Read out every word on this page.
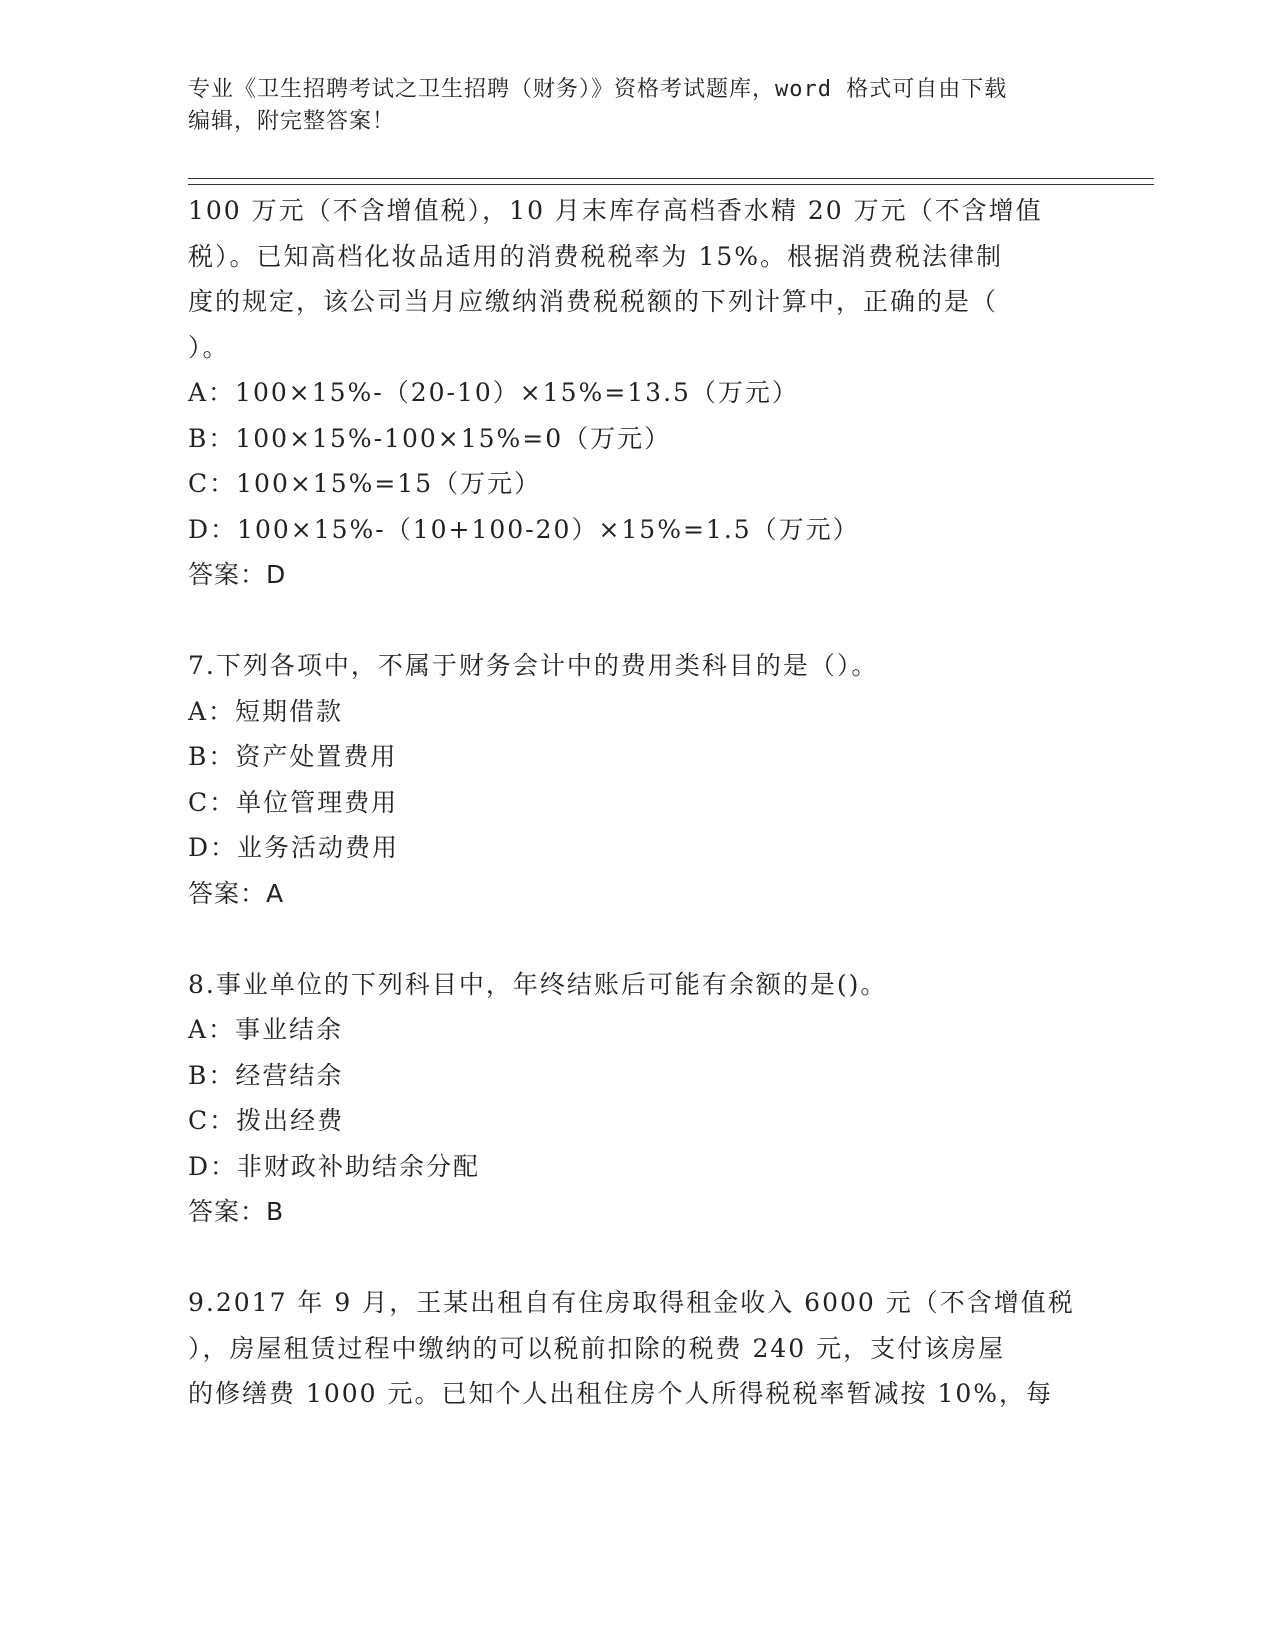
专业《卫生招聘考试之卫生招聘（财务）》资格考试题库，word 格式可自由下载
编辑，附完整答案！

100 万元（不含增值税），10 月末库存高档香水精 20 万元（不含增值

税）。已知高档化妆品适用的消费税税率为 15%。根据消费税法律制

度的规定，该公司当月应缴纳消费税税额的下列计算中，正确的是（

）。

A：100×15%-（20-10）×15%=13.5（万元）

B：100×15%-100×15%=0（万元）

C：100×15%=15（万元）

D：100×15%-（10+100-20）×15%=1.5（万元）

答案：D

7.下列各项中，不属于财务会计中的费用类科目的是（）。

A：短期借款

B：资产处置费用

C：单位管理费用

D：业务活动费用

答案：A

8.事业单位的下列科目中，年终结账后可能有余额的是()。

A：事业结余

B：经营结余

C：拨出经费

D：非财政补助结余分配

答案：B

9.2017 年 9 月，王某出租自有住房取得租金收入 6000 元（不含增值税

），房屋租赁过程中缴纳的可以税前扣除的税费 240 元，支付该房屋

的修缮费 1000 元。已知个人出租住房个人所得税税率暂减按 10%，每
